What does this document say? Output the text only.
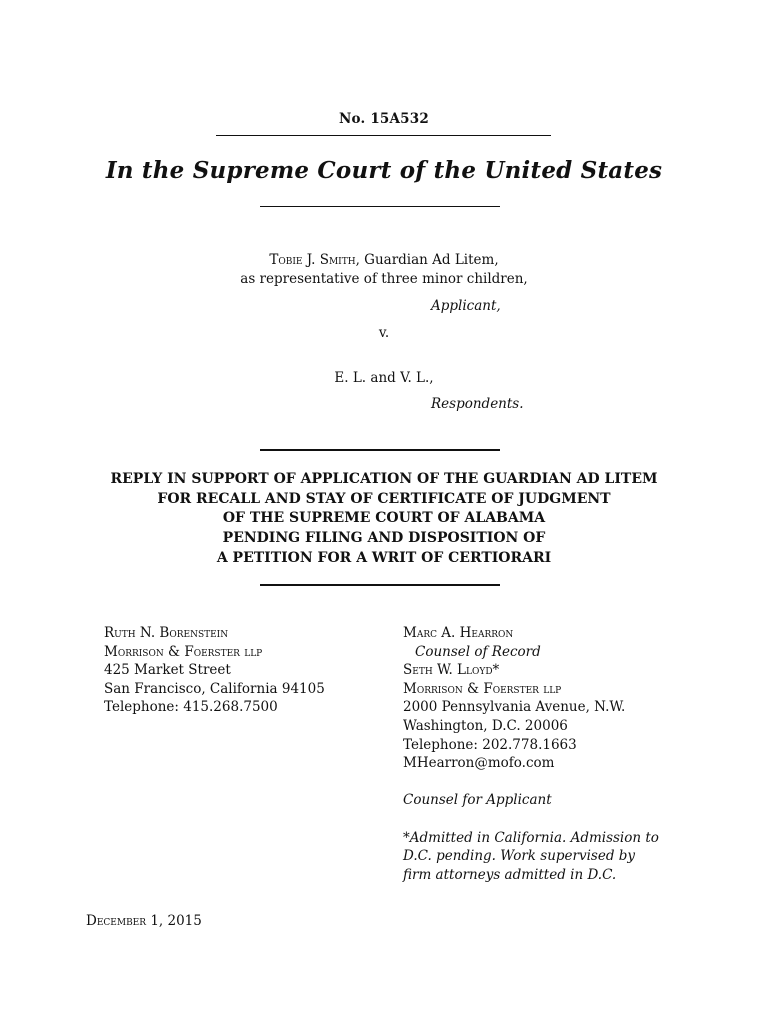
No. 15A532
In the Supreme Court of the United States
Tobie J. Smith, Guardian Ad Litem,
as representative of three minor children,
Applicant,
v.
E. L. and V. L.,
Respondents.
REPLY IN SUPPORT OF APPLICATION OF THE GUARDIAN AD LITEM
FOR RECALL AND STAY OF CERTIFICATE OF JUDGMENT
OF THE SUPREME COURT OF ALABAMA
PENDING FILING AND DISPOSITION OF
A PETITION FOR A WRIT OF CERTIORARI
Ruth N. Borenstein
Morrison & Foerster llp
425 Market Street
San Francisco, California 94105
Telephone: 415.268.7500
Marc A. Hearron
Counsel of Record
Seth W. Lloyd*
Morrison & Foerster llp
2000 Pennsylvania Avenue, N.W.
Washington, D.C. 20006
Telephone: 202.778.1663
MHearron@mofo.com
Counsel for Applicant
*Admitted in California. Admission to
D.C. pending. Work supervised by
firm attorneys admitted in D.C.
December 1, 2015
